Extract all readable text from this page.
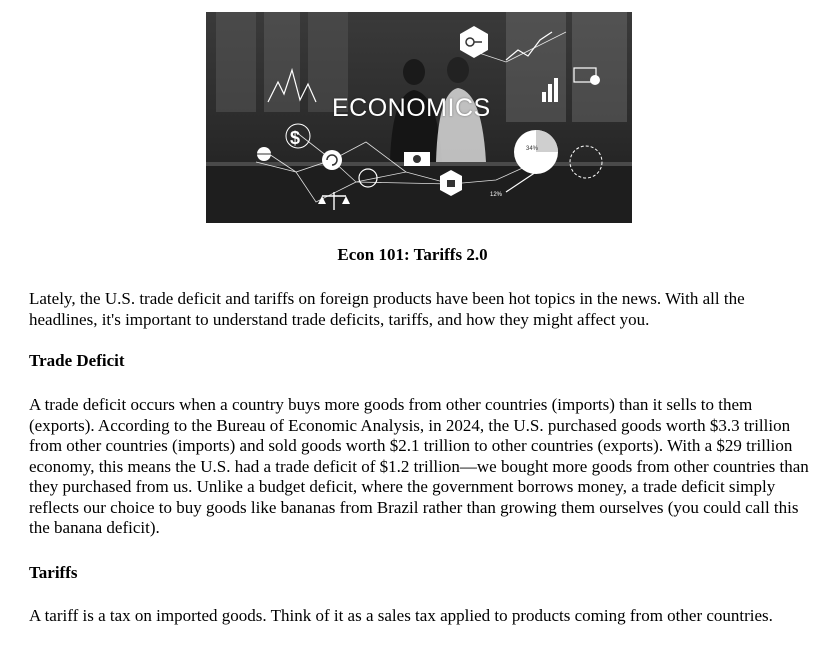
$
34%
12%
ECONOMICS
Econ 101: Tariffs 2.0

Lately, the U.S. trade deficit and tariffs on foreign products have been hot topics in the news. With all the headlines, it's important to understand trade deficits, tariffs, and how they might affect you.

Trade Deficit

A trade deficit occurs when a country buys more goods from other countries (imports) than it sells to them (exports). According to the Bureau of Economic Analysis, in 2024, the U.S. purchased goods worth $3.3 trillion from other countries (imports) and sold goods worth $2.1 trillion to other countries (exports). With a $29 trillion economy, this means the U.S. had a trade deficit of $1.2 trillion—we bought more goods from other countries than they purchased from us. Unlike a budget deficit, where the government borrows money, a trade deficit simply reflects our choice to buy goods like bananas from Brazil rather than growing them ourselves (you could call this the banana deficit).

Tariffs

A tariff is a tax on imported goods. Think of it as a sales tax applied to products coming from other countries.
